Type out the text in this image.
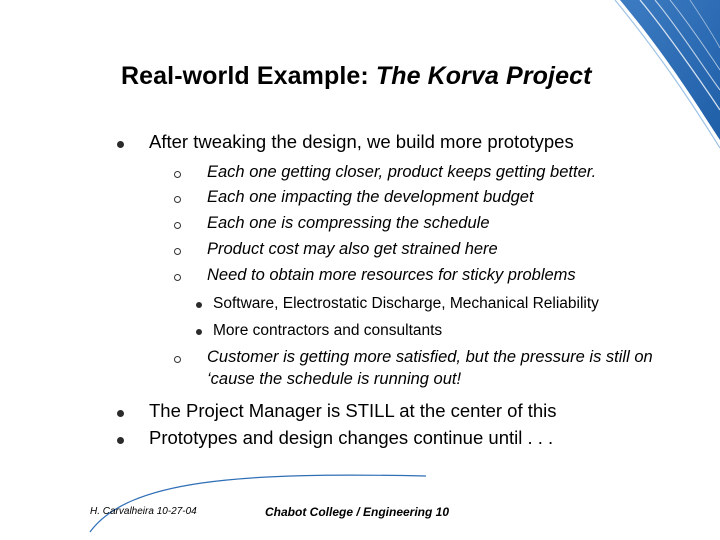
Real-world Example: The Korva Project
After tweaking the design, we build more prototypes
Each one getting closer, product keeps getting better.
Each one impacting the development budget
Each one is compressing the schedule
Product cost may also get strained here
Need to obtain more resources for sticky problems
Software, Electrostatic Discharge, Mechanical Reliability
More contractors and consultants
Customer is getting more satisfied, but the pressure is still on
‘cause the schedule is running out!
The Project Manager is STILL at the center of this
Prototypes and design changes continue until . . .
H. Carvalheira 10-27-04	Chabot College / Engineering 10
